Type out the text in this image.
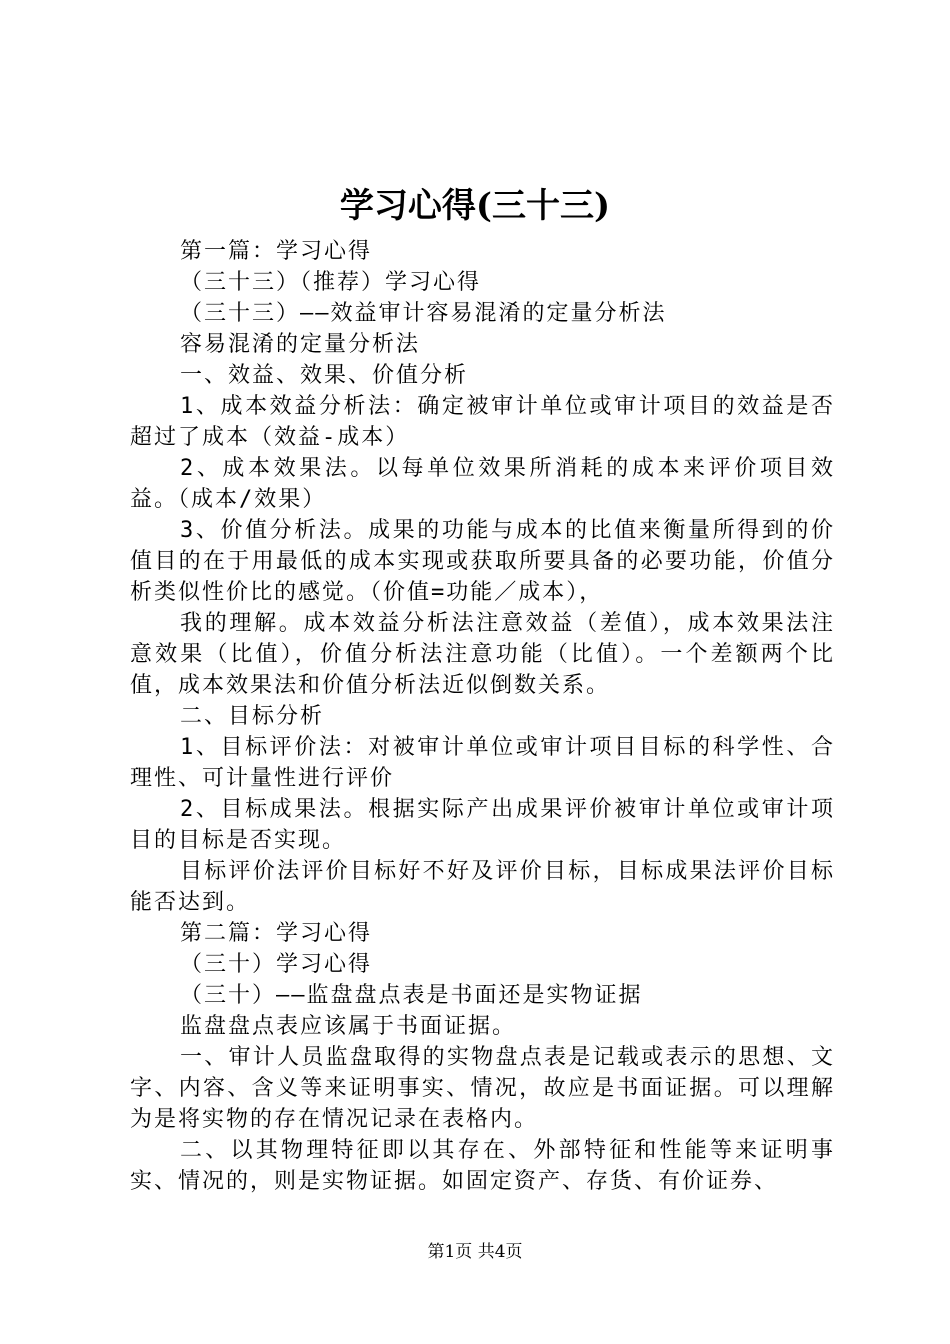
学习心得(三十三)

第一篇：学习心得

（三十三）（推荐）学习心得

（三十三）——效益审计容易混淆的定量分析法

容易混淆的定量分析法

一、效益、效果、价值分析

1、成本效益分析法：确定被审计单位或审计项目的效益是否超过了成本（效益-成本）

2、成本效果法。以每单位效果所消耗的成本来评价项目效益。（成本/效果）

3、价值分析法。成果的功能与成本的比值来衡量所得到的价值目的在于用最低的成本实现或获取所要具备的必要功能，价值分析类似性价比的感觉。（价值=功能／成本），

我的理解。成本效益分析法注意效益（差值），成本效果法注意效果（比值），价值分析法注意功能（比值）。一个差额两个比值，成本效果法和价值分析法近似倒数关系。

二、目标分析

1、目标评价法：对被审计单位或审计项目目标的科学性、合理性、可计量性进行评价

2、目标成果法。根据实际产出成果评价被审计单位或审计项目的目标是否实现。

目标评价法评价目标好不好及评价目标，目标成果法评价目标能否达到。

第二篇：学习心得

（三十）学习心得

（三十）——监盘盘点表是书面还是实物证据

监盘盘点表应该属于书面证据。

一、审计人员监盘取得的实物盘点表是记载或表示的思想、文字、内容、含义等来证明事实、情况，故应是书面证据。可以理解为是将实物的存在情况记录在表格内。

二、以其物理特征即以其存在、外部特征和性能等来证明事实、情况的，则是实物证据。如固定资产、存货、有价证券、

第1页 共4页
